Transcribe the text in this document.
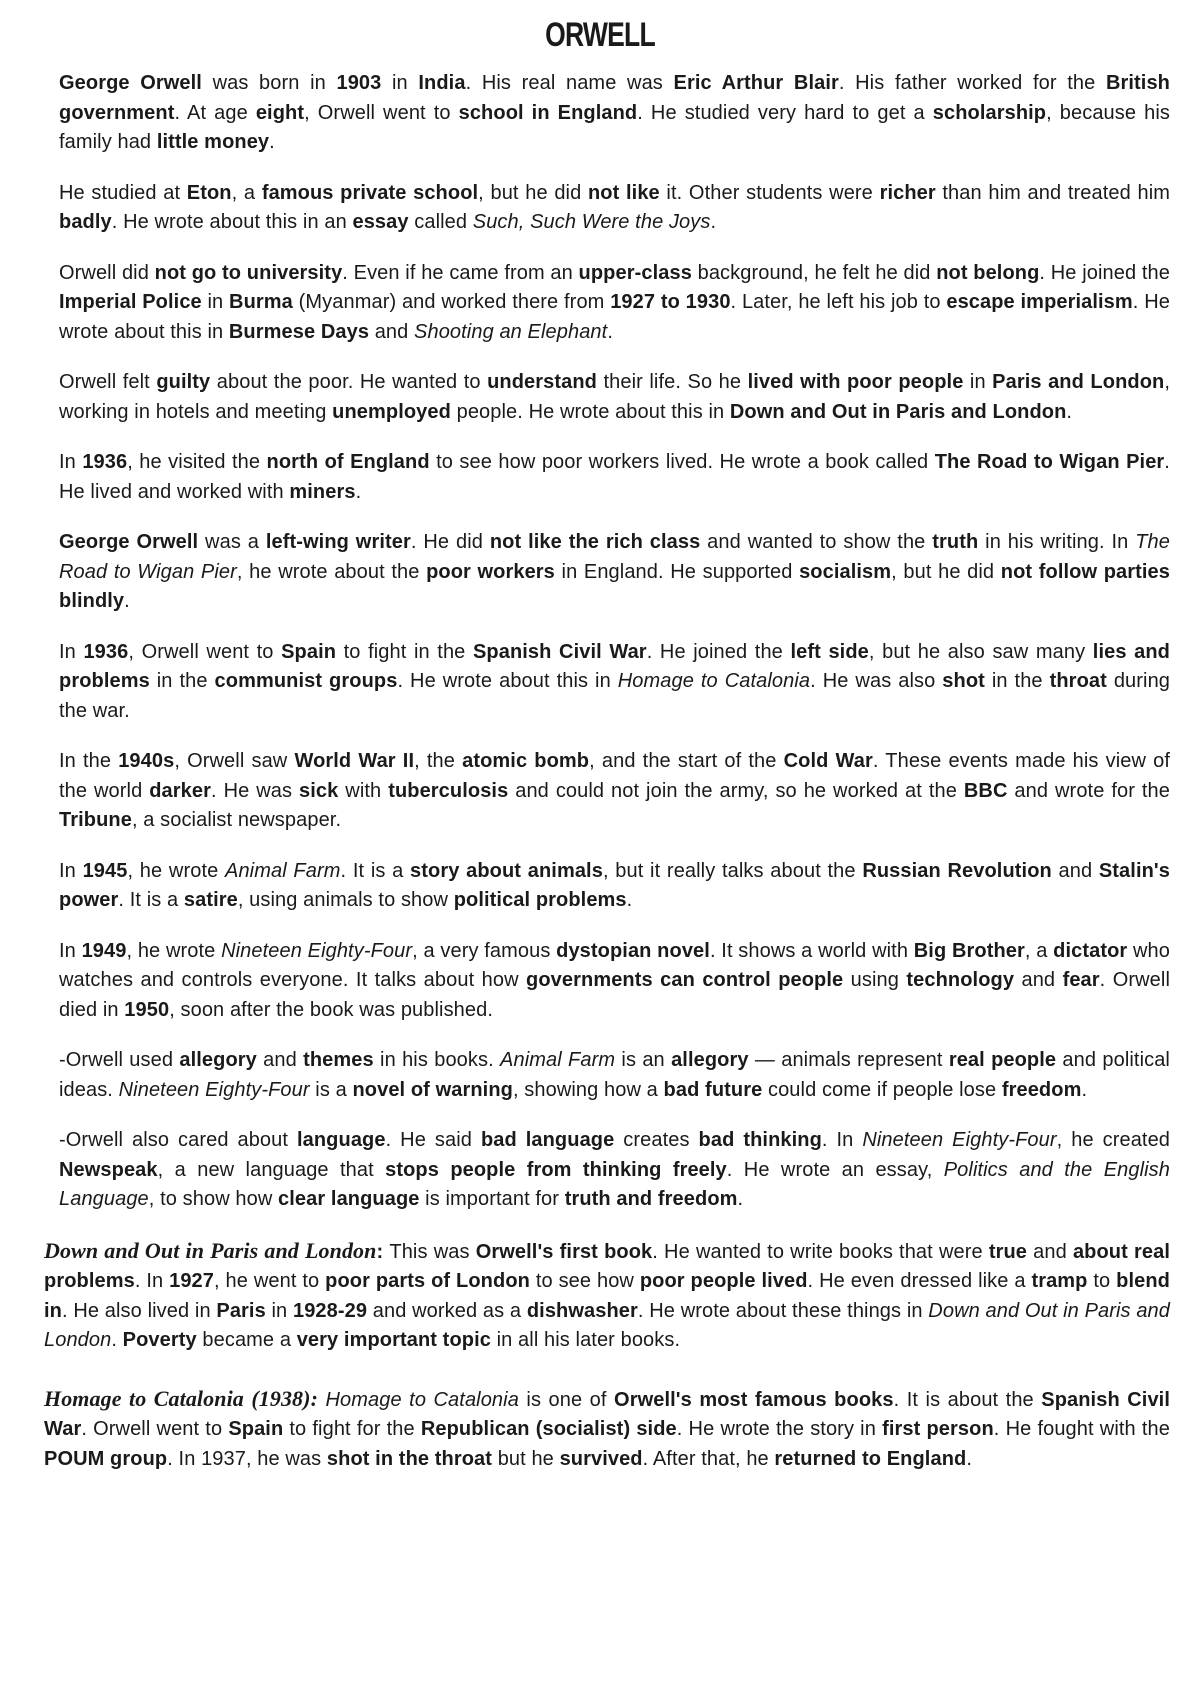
ORWELL

George Orwell was born in 1903 in India. His real name was Eric Arthur Blair. His father worked for the British government. At age eight, Orwell went to school in England. He studied very hard to get a scholarship, because his family had little money.

He studied at Eton, a famous private school, but he did not like it. Other students were richer than him and treated him badly. He wrote about this in an essay called Such, Such Were the Joys.

Orwell did not go to university. Even if he came from an upper-class background, he felt he did not belong. He joined the Imperial Police in Burma (Myanmar) and worked there from 1927 to 1930. Later, he left his job to escape imperialism. He wrote about this in Burmese Days and Shooting an Elephant.

Orwell felt guilty about the poor. He wanted to understand their life. So he lived with poor people in Paris and London, working in hotels and meeting unemployed people. He wrote about this in Down and Out in Paris and London.

In 1936, he visited the north of England to see how poor workers lived. He wrote a book called The Road to Wigan Pier. He lived and worked with miners.

George Orwell was a left-wing writer. He did not like the rich class and wanted to show the truth in his writing. In The Road to Wigan Pier, he wrote about the poor workers in England. He supported socialism, but he did not follow parties blindly.

In 1936, Orwell went to Spain to fight in the Spanish Civil War. He joined the left side, but he also saw many lies and problems in the communist groups. He wrote about this in Homage to Catalonia. He was also shot in the throat during the war.

In the 1940s, Orwell saw World War II, the atomic bomb, and the start of the Cold War. These events made his view of the world darker. He was sick with tuberculosis and could not join the army, so he worked at the BBC and wrote for the Tribune, a socialist newspaper.

In 1945, he wrote Animal Farm. It is a story about animals, but it really talks about the Russian Revolution and Stalin's power. It is a satire, using animals to show political problems.

In 1949, he wrote Nineteen Eighty-Four, a very famous dystopian novel. It shows a world with Big Brother, a dictator who watches and controls everyone. It talks about how governments can control people using technology and fear. Orwell died in 1950, soon after the book was published.

-Orwell used allegory and themes in his books. Animal Farm is an allegory — animals represent real people and political ideas. Nineteen Eighty-Four is a novel of warning, showing how a bad future could come if people lose freedom.

-Orwell also cared about language. He said bad language creates bad thinking. In Nineteen Eighty-Four, he created Newspeak, a new language that stops people from thinking freely. He wrote an essay, Politics and the English Language, to show how clear language is important for truth and freedom.

Down and Out in Paris and London: This was Orwell's first book. He wanted to write books that were true and about real problems. In 1927, he went to poor parts of London to see how poor people lived. He even dressed like a tramp to blend in. He also lived in Paris in 1928-29 and worked as a dishwasher. He wrote about these things in Down and Out in Paris and London. Poverty became a very important topic in all his later books.

Homage to Catalonia (1938): Homage to Catalonia is one of Orwell's most famous books. It is about the Spanish Civil War. Orwell went to Spain to fight for the Republican (socialist) side. He wrote the story in first person. He fought with the POUM group. In 1937, he was shot in the throat but he survived. After that, he returned to England.
